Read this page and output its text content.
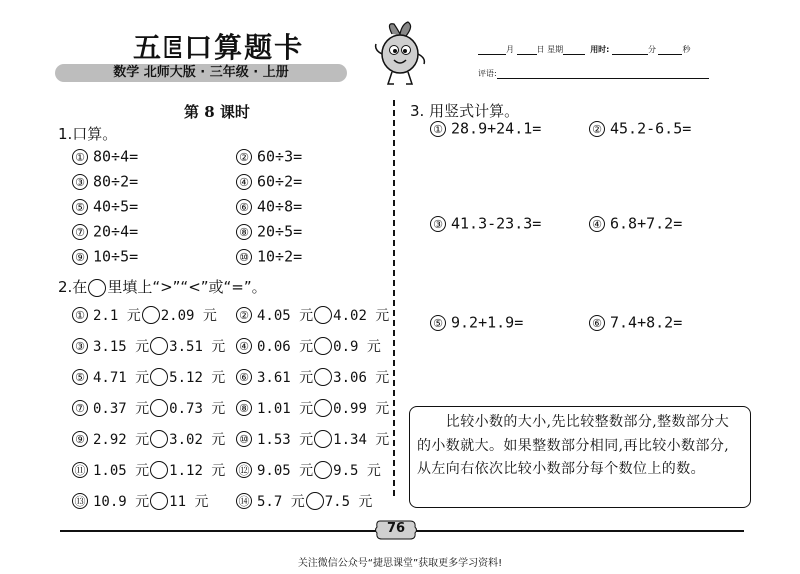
五E口算题卡
数学 北师大版 · 三年级 · 上册
月	日 星期	用时:	分	秒
评语:
第 8 课时
1.口算。
① 80÷4=	② 60÷3=
③ 80÷2=	④ 60÷2=
⑤ 40÷5=	⑥ 40÷8=
⑦ 20÷4=	⑧ 20÷5=
⑨ 10÷5=	⑩ 10÷2=
2.在 里填上“>”“<”或“=”。
① 2.1 元 2.09 元 ② 4.05 元 4.02 元
③ 3.15 元 3.51 元 ④ 0.06 元 0.9 元
⑤ 4.71 元 5.12 元 ⑥ 3.61 元 3.06 元
⑦ 0.37 元 0.73 元 ⑧ 1.01 元 0.99 元
⑨ 2.92 元 3.02 元 ⑩ 1.53 元 1.34 元
⑪ 1.05 元 1.12 元 ⑫ 9.05 元 9.5 元
⑬ 10.9 元 11 元	⑭ 5.7 元 7.5 元
3. 用竖式计算。
① 28.9+24.1=	② 45.2-6.5=
③ 41.3-23.3=	④ 6.8+7.2=
⑤ 9.2+1.9=	⑥ 7.4+8.2=
　　比较小数的大小,先比较整数部分,整数部分大的小数就大。如果整数部分相同,再比较小数部分,从左向右依次比较小数部分每个数位上的数。
76
关注微信公众号“捷思课堂”获取更多学习资料!
